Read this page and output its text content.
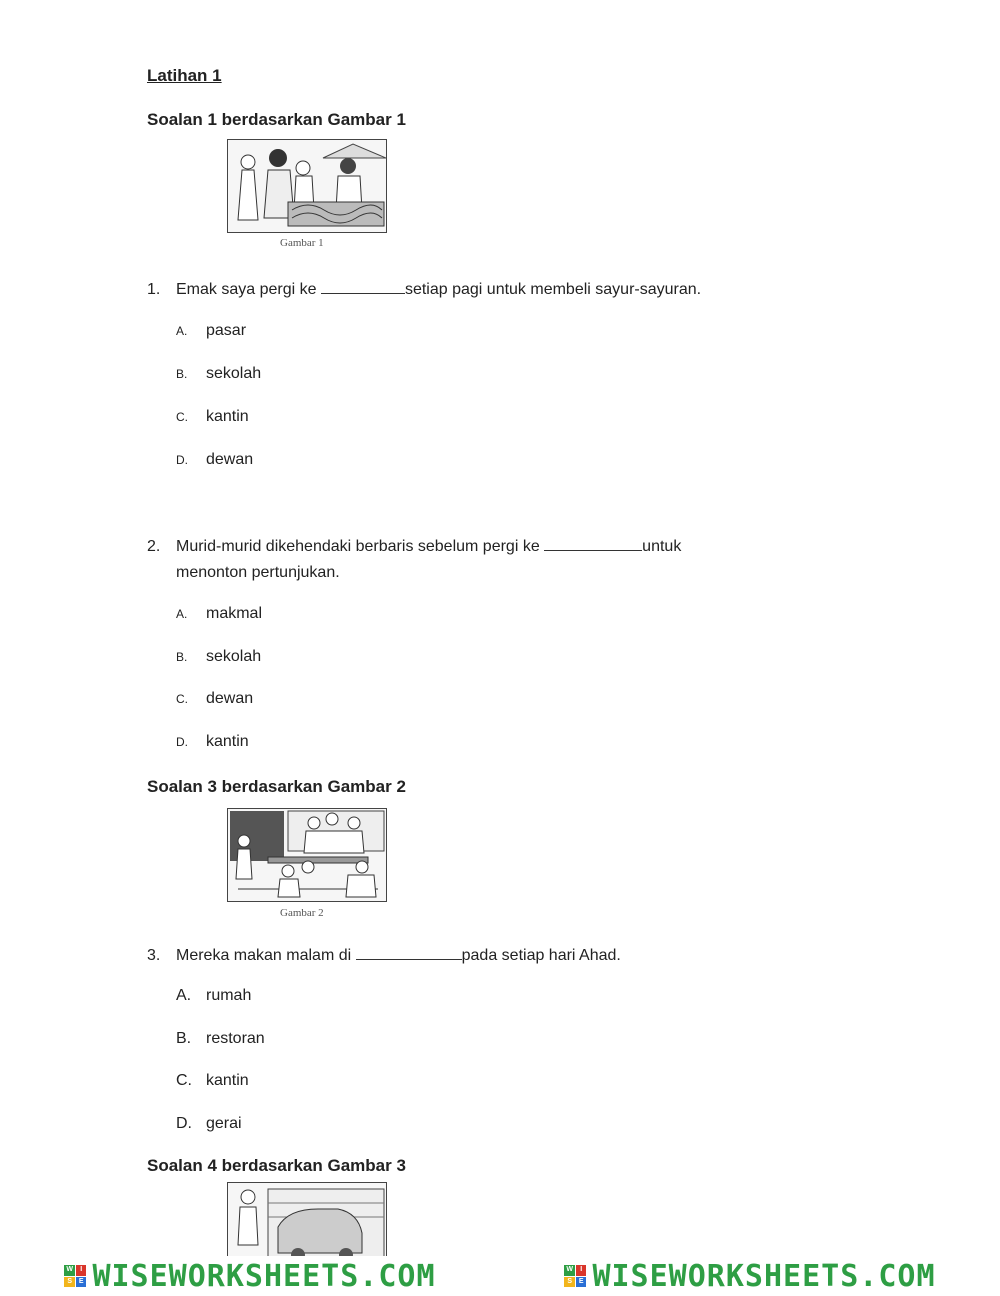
Latihan 1
Soalan 1 berdasarkan Gambar 1
Gambar 1
1. Emak saya pergi ke	setiap pagi untuk membeli sayur-sayuran.
A. pasar
B. sekolah
C. kantin
D. dewan
2. Murid-murid dikehendaki berbaris sebelum pergi ke	untuk
menonton pertunjukan.
A. makmal
B. sekolah
C. dewan
D. kantin
Soalan 3 berdasarkan Gambar 2
Gambar 2
3. Mereka makan malam di	pada setiap hari Ahad.
A. rumah
B. restoran
C. kantin
D. gerai
Soalan 4 berdasarkan Gambar 3
W	I
S E WISEWORKSHEETS.COM	W	I
S E WISEWORKSHEETS.COM
